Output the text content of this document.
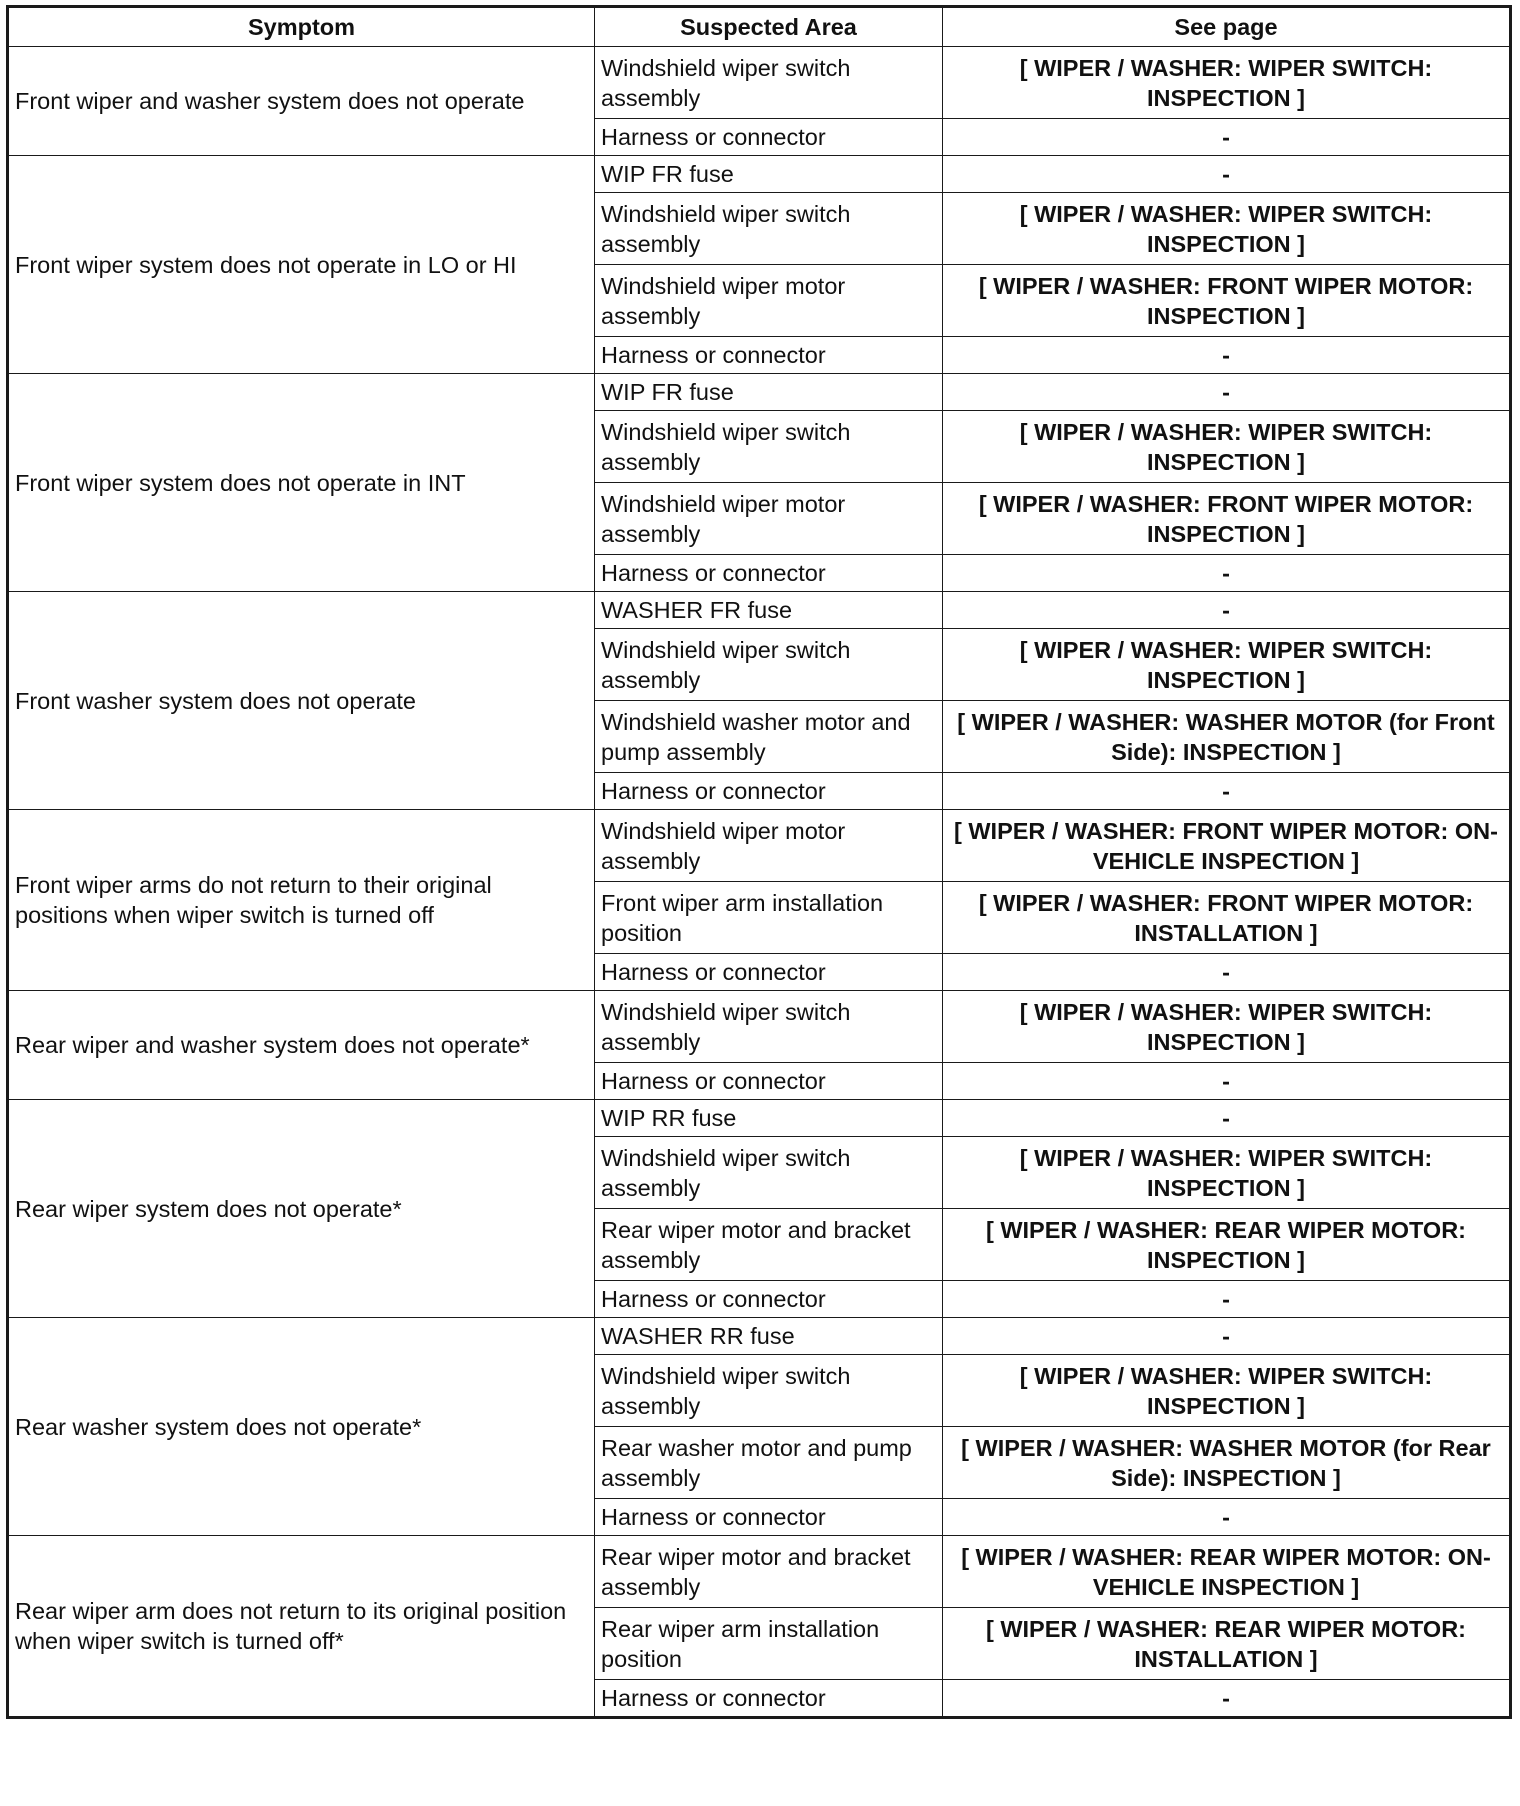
Symptom	Suspected Area	See page
Front wiper and washer system does not operate	Windshield wiper switch assembly	[ WIPER / WASHER: WIPER SWITCH: INSPECTION ]
	Harness or connector	-
Front wiper system does not operate in LO or HI	WIP FR fuse	-
	Windshield wiper switch assembly	[ WIPER / WASHER: WIPER SWITCH: INSPECTION ]
	Windshield wiper motor assembly	[ WIPER / WASHER: FRONT WIPER MOTOR: INSPECTION ]
	Harness or connector	-
Front wiper system does not operate in INT	WIP FR fuse	-
	Windshield wiper switch assembly	[ WIPER / WASHER: WIPER SWITCH: INSPECTION ]
	Windshield wiper motor assembly	[ WIPER / WASHER: FRONT WIPER MOTOR: INSPECTION ]
	Harness or connector	-
Front washer system does not operate	WASHER FR fuse	-
	Windshield wiper switch assembly	[ WIPER / WASHER: WIPER SWITCH: INSPECTION ]
	Windshield washer motor and pump assembly	[ WIPER / WASHER: WASHER MOTOR (for Front Side): INSPECTION ]
	Harness or connector	-
Front wiper arms do not return to their original positions when wiper switch is turned off	Windshield wiper motor assembly	[ WIPER / WASHER: FRONT WIPER MOTOR: ON-VEHICLE INSPECTION ]
	Front wiper arm installation position	[ WIPER / WASHER: FRONT WIPER MOTOR: INSTALLATION ]
	Harness or connector	-
Rear wiper and washer system does not operate*	Windshield wiper switch assembly	[ WIPER / WASHER: WIPER SWITCH: INSPECTION ]
	Harness or connector	-
Rear wiper system does not operate*	WIP RR fuse	-
	Windshield wiper switch assembly	[ WIPER / WASHER: WIPER SWITCH: INSPECTION ]
	Rear wiper motor and bracket assembly	[ WIPER / WASHER: REAR WIPER MOTOR: INSPECTION ]
	Harness or connector	-
Rear washer system does not operate*	WASHER RR fuse	-
	Windshield wiper switch assembly	[ WIPER / WASHER: WIPER SWITCH: INSPECTION ]
	Rear washer motor and pump assembly	[ WIPER / WASHER: WASHER MOTOR (for Rear Side): INSPECTION ]
	Harness or connector	-
Rear wiper arm does not return to its original position when wiper switch is turned off*	Rear wiper motor and bracket assembly	[ WIPER / WASHER: REAR WIPER MOTOR: ON-VEHICLE INSPECTION ]
	Rear wiper arm installation position	[ WIPER / WASHER: REAR WIPER MOTOR: INSTALLATION ]
	Harness or connector	-
